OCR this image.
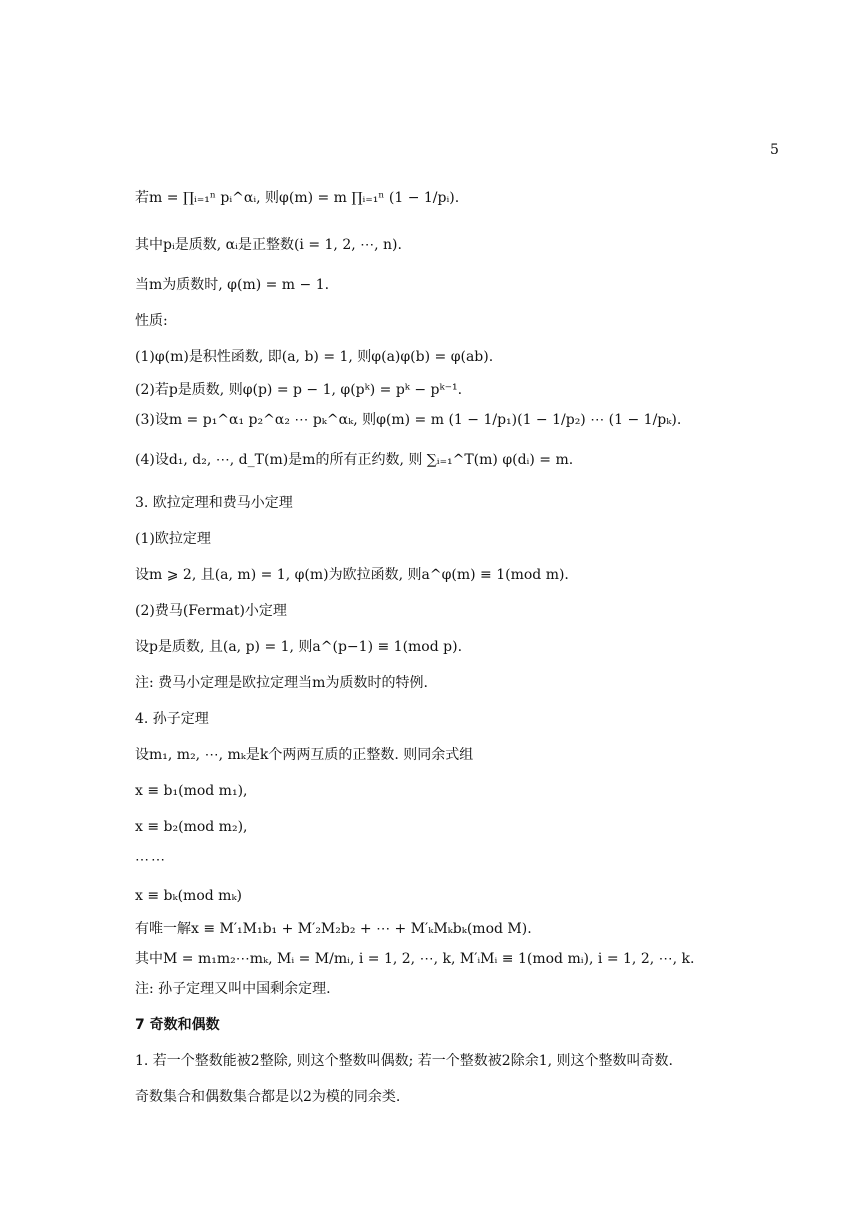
5
若m = ∏ᵢ₌₁ⁿ pᵢ^αᵢ, 则φ(m) = m ∏ᵢ₌₁ⁿ (1 − 1/pᵢ).
其中pᵢ是质数, αᵢ是正整数(i = 1, 2, ⋯, n).
当m为质数时, φ(m) = m − 1.
性质:
(1)φ(m)是积性函数, 即(a, b) = 1, 则φ(a)φ(b) = φ(ab).
(2)若p是质数, 则φ(p) = p − 1, φ(pᵏ) = pᵏ − pᵏ⁻¹.
(3)设m = p₁^α₁ p₂^α₂ ⋯ pₖ^αₖ, 则φ(m) = m (1 − 1/p₁)(1 − 1/p₂) ⋯ (1 − 1/pₖ).
(4)设d₁, d₂, ⋯, d_T(m)是m的所有正约数, 则 ∑ᵢ₌₁^T(m) φ(dᵢ) = m.
3. 欧拉定理和费马小定理
(1)欧拉定理
设m ⩾ 2, 且(a, m) = 1, φ(m)为欧拉函数, 则a^φ(m) ≡ 1(mod m).
(2)费马(Fermat)小定理
设p是质数, 且(a, p) = 1, 则a^(p−1) ≡ 1(mod p).
注: 费马小定理是欧拉定理当m为质数时的特例.
4. 孙子定理
设m₁, m₂, ⋯, mₖ是k个两两互质的正整数. 则同余式组
x ≡ b₁(mod m₁),
x ≡ b₂(mod m₂),
⋯⋯
x ≡ bₖ(mod mₖ)
有唯一解x ≡ M′₁M₁b₁ + M′₂M₂b₂ + ⋯ + M′ₖMₖbₖ(mod M).
其中M = m₁m₂⋯mₖ, Mᵢ = M/mᵢ, i = 1, 2, ⋯, k, M′ᵢMᵢ ≡ 1(mod mᵢ), i = 1, 2, ⋯, k.
注: 孙子定理又叫中国剩余定理.
7 奇数和偶数
1. 若一个整数能被2整除, 则这个整数叫偶数; 若一个整数被2除余1, 则这个整数叫奇数.
奇数集合和偶数集合都是以2为模的同余类.
